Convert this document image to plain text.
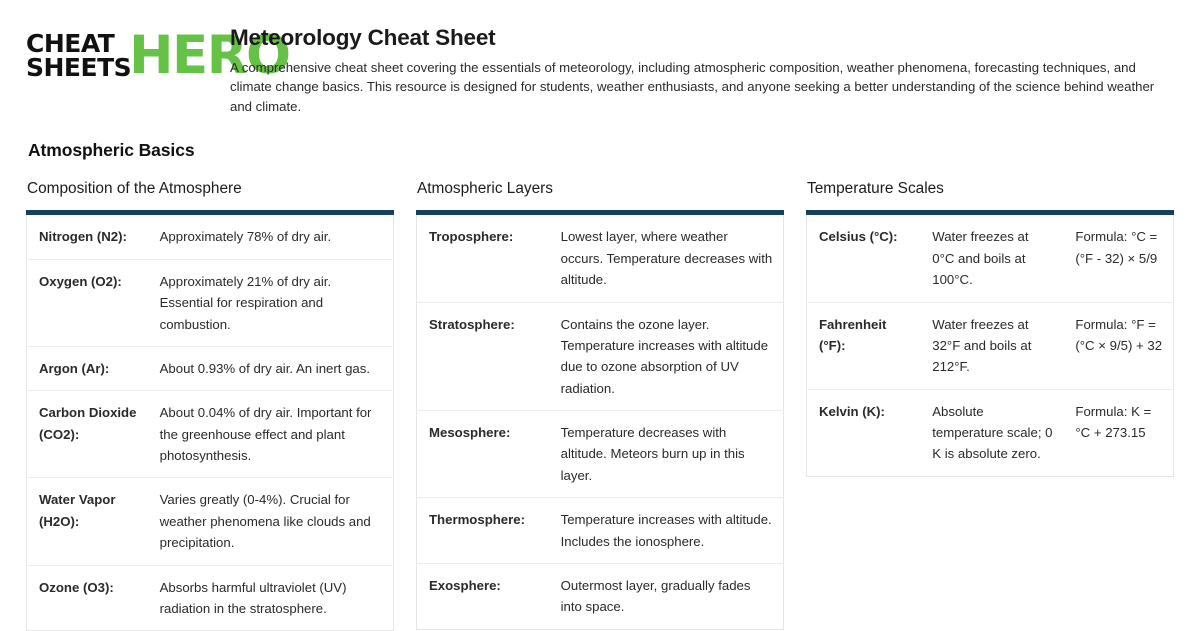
CHEAT
SHEETS
HERO
Meteorology Cheat Sheet

A comprehensive cheat sheet covering the essentials of meteorology, including atmospheric composition, weather phenomena, forecasting techniques, and climate change basics. This resource is designed for students, weather enthusiasts, and anyone seeking a better understanding of the science behind weather and climate.

Atmospheric Basics
Composition of the Atmosphere
Nitrogen (N2):	Approximately 78% of dry air.
Oxygen (O2):	Approximately 21% of dry air. Essential for respiration and combustion.
Argon (Ar):	About 0.93% of dry air. An inert gas.
Carbon Dioxide (CO2):	About 0.04% of dry air. Important for the greenhouse effect and plant photosynthesis.
Water Vapor (H2O):	Varies greatly (0-4%). Crucial for weather phenomena like clouds and precipitation.
Ozone (O3):	Absorbs harmful ultraviolet (UV) radiation in the stratosphere.
Atmospheric Layers
Troposphere:	Lowest layer, where weather occurs. Temperature decreases with altitude.
Stratosphere:	Contains the ozone layer. Temperature increases with altitude due to ozone absorption of UV radiation.
Mesosphere:	Temperature decreases with altitude. Meteors burn up in this layer.
Thermosphere:	Temperature increases with altitude. Includes the ionosphere.
Exosphere:	Outermost layer, gradually fades into space.
Temperature Scales
Celsius (°C):	Water freezes at 0°C and boils at 100°C.	Formula: °C = (°F - 32) × 5/9
Fahrenheit (°F):	Water freezes at 32°F and boils at 212°F.	Formula: °F = (°C × 9/5) + 32
Kelvin (K):	Absolute temperature scale; 0 K is absolute zero.	Formula: K = °C + 273.15
